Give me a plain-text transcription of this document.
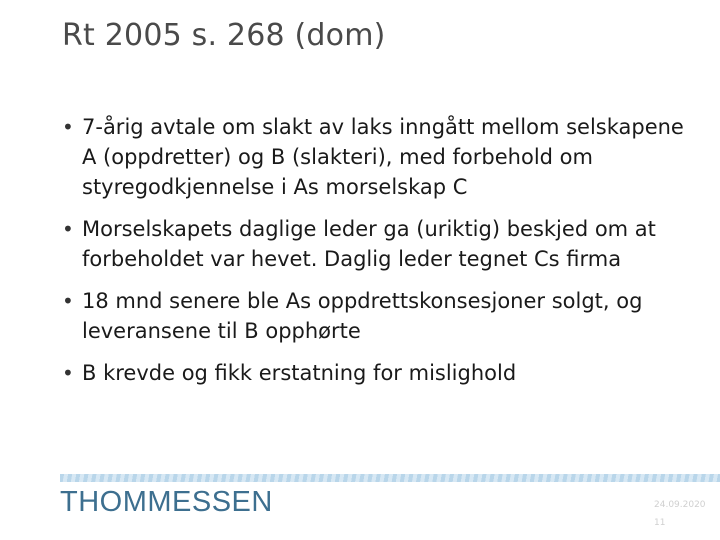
Rt 2005 s. 268 (dom)
• 7-årig avtale om slakt av laks inngått mellom selskapene A (oppdretter) og B (slakteri), med forbehold om styregodkjennelse i As morselskap C
• Morselskapets daglige leder ga (uriktig) beskjed om at forbeholdet var hevet. Daglig leder tegnet Cs firma
• 18 mnd senere ble As oppdrettskonsesjoner solgt, og leveransene til B opphørte
• B krevde og fikk erstatning for mislighold
THOMMESSEN	24.09.2020
11
